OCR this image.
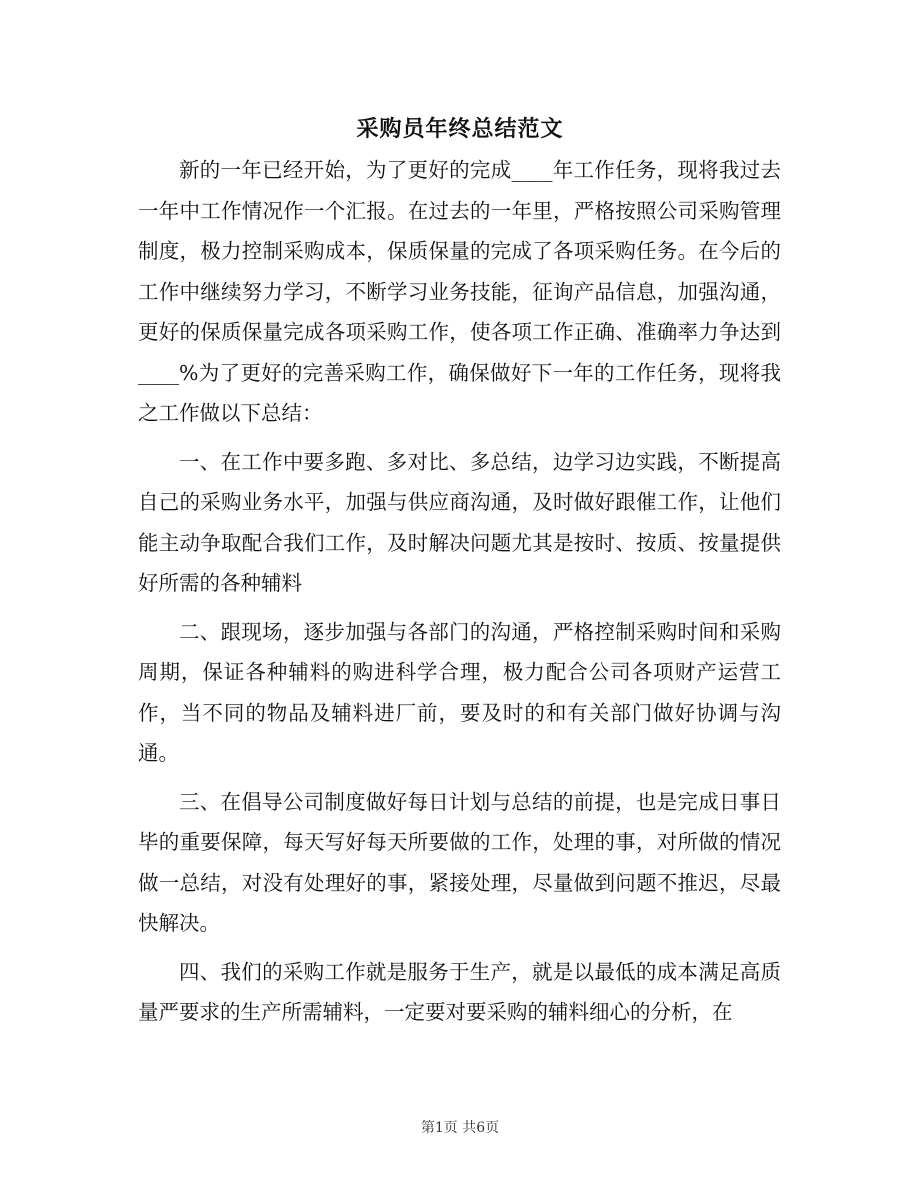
采购员年终总结范文

新的一年已经开始，为了更好的完成____年工作任务，现将我过去一年中工作情况作一个汇报。在过去的一年里，严格按照公司采购管理制度，极力控制采购成本，保质保量的完成了各项采购任务。在今后的工作中继续努力学习，不断学习业务技能，征询产品信息，加强沟通，更好的保质保量完成各项采购工作，使各项工作正确、准确率力争达到____%为了更好的完善采购工作，确保做好下一年的工作任务，现将我之工作做以下总结：

一、在工作中要多跑、多对比、多总结，边学习边实践，不断提高自己的采购业务水平，加强与供应商沟通，及时做好跟催工作，让他们能主动争取配合我们工作，及时解决问题尤其是按时、按质、按量提供好所需的各种辅料

二、跟现场，逐步加强与各部门的沟通，严格控制采购时间和采购周期，保证各种辅料的购进科学合理，极力配合公司各项财产运营工作，当不同的物品及辅料进厂前，要及时的和有关部门做好协调与沟通。

三、在倡导公司制度做好每日计划与总结的前提，也是完成日事日毕的重要保障，每天写好每天所要做的工作，处理的事，对所做的情况做一总结，对没有处理好的事，紧接处理，尽量做到问题不推迟，尽最快解决。

四、我们的采购工作就是服务于生产，就是以最低的成本满足高质量严要求的生产所需辅料，一定要对要采购的辅料细心的分析，在

第1页 共6页
